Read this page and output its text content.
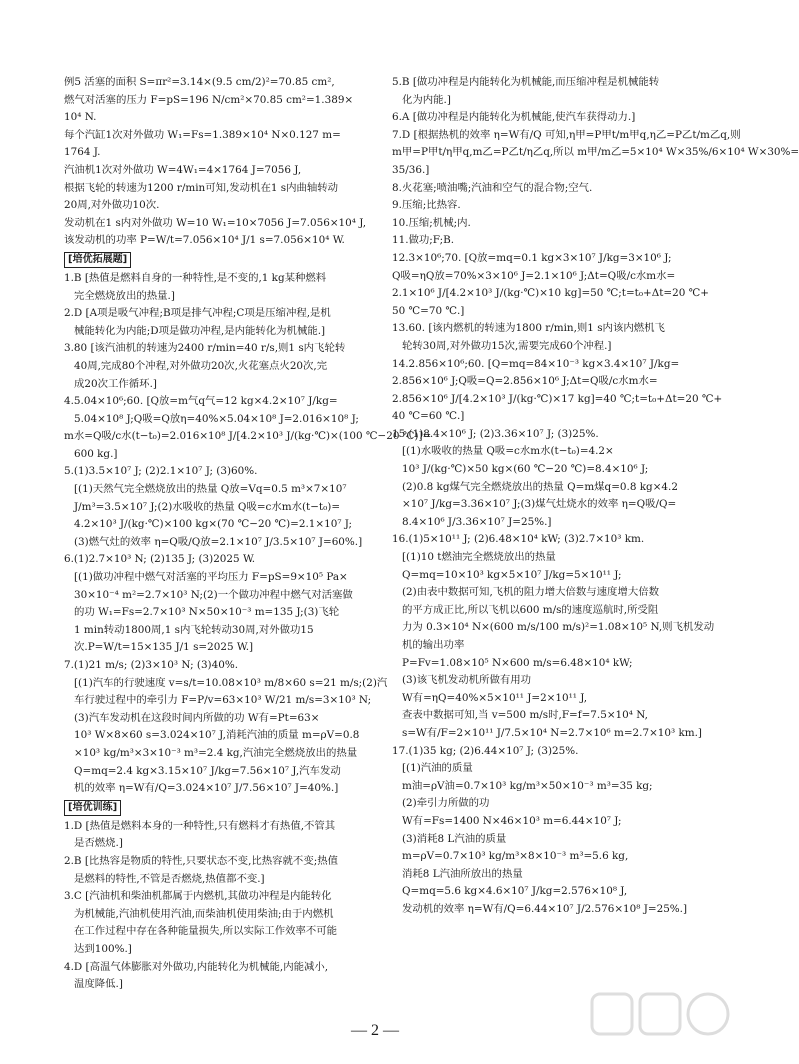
例5 活塞的面积 S=πr²=3.14×(9.5 cm/2)²=70.85 cm²,
燃气对活塞的压力 F=pS=196 N/cm²×70.85 cm²=1.389×
10⁴ N.
每个汽缸1次对外做功 W₁=Fs=1.389×10⁴ N×0.127 m=
1764 J.
汽油机1次对外做功 W=4W₁=4×1764 J=7056 J,
根据飞轮的转速为1200 r/min可知,发动机在1 s内曲轴转动
20周,对外做功10次.
发动机在1 s内对外做功 W=10 W₁=10×7056 J=7.056×10⁴ J,
该发动机的功率 P=W/t=7.056×10⁴ J/1 s=7.056×10⁴ W.
[培优拓展题]
1.B [热值是燃料自身的一种特性,是不变的,1 kg某种燃料
完全燃烧放出的热量.]
2.D [A项是吸气冲程;B项是排气冲程;C项是压缩冲程,是机
械能转化为内能;D项是做功冲程,是内能转化为机械能.]
3.80 [该汽油机的转速为2400 r/min=40 r/s,则1 s内飞轮转
40周,完成80个冲程,对外做功20次,火花塞点火20次,完
成20次工作循环.]
4.5.04×10⁶;60. [Q放=m气q气=12 kg×4.2×10⁷ J/kg=
5.04×10⁸ J;Q吸=Q放η=40%×5.04×10⁸ J=2.016×10⁸ J;
m水=Q吸/c水(t−t₀)=2.016×10⁸ J/[4.2×10³ J/(kg·℃)×(100 ℃−20 ℃)]=
600 kg.]
5.(1)3.5×10⁷ J; (2)2.1×10⁷ J; (3)60%.
[(1)天然气完全燃烧放出的热量 Q放=Vq=0.5 m³×7×10⁷
J/m³=3.5×10⁷ J;(2)水吸收的热量 Q吸=c水m水(t−t₀)=
4.2×10³ J/(kg·℃)×100 kg×(70 ℃−20 ℃)=2.1×10⁷ J;
(3)燃气灶的效率 η=Q吸/Q放=2.1×10⁷ J/3.5×10⁷ J=60%.]
6.(1)2.7×10³ N; (2)135 J; (3)2025 W.
[(1)做功冲程中燃气对活塞的平均压力 F=pS=9×10⁵ Pa×
30×10⁻⁴ m²=2.7×10³ N;(2)一个做功冲程中燃气对活塞做
的功 W₁=Fs=2.7×10³ N×50×10⁻³ m=135 J;(3)飞轮
1 min转动1800周,1 s内飞轮转动30周,对外做功15
次.P=W/t=15×135 J/1 s=2025 W.]
7.(1)21 m/s; (2)3×10³ N; (3)40%.
[(1)汽车的行驶速度 v=s/t=10.08×10³ m/8×60 s=21 m/s;(2)汽
车行驶过程中的牵引力 F=P/v=63×10³ W/21 m/s=3×10³ N;
(3)汽车发动机在这段时间内所做的功 W有=Pt=63×
10³ W×8×60 s=3.024×10⁷ J,消耗汽油的质量 m=ρV=0.8
×10³ kg/m³×3×10⁻³ m³=2.4 kg,汽油完全燃烧放出的热量
Q=mq=2.4 kg×3.15×10⁷ J/kg=7.56×10⁷ J,汽车发动
机的效率 η=W有/Q=3.024×10⁷ J/7.56×10⁷ J=40%.]
[培优训练]
1.D [热值是燃料本身的一种特性,只有燃料才有热值,不管其
是否燃烧.]
2.B [比热容是物质的特性,只要状态不变,比热容就不变;热值
是燃料的特性,不管是否燃烧,热值都不变.]
3.C [汽油机和柴油机都属于内燃机,其做功冲程是内能转化
为机械能,汽油机使用汽油,而柴油机使用柴油;由于内燃机
在工作过程中存在各种能量损失,所以实际工作效率不可能
达到100%.]
4.D [高温气体膨胀对外做功,内能转化为机械能,内能减小,
温度降低.]
5.B [做功冲程是内能转化为机械能,而压缩冲程是机械能转
化为内能.]
6.A [做功冲程是内能转化为机械能,使汽车获得动力.]
7.D [根据热机的效率 η=W有/Q 可知,η甲=P甲t/m甲q,η乙=P乙t/m乙q,则
m甲=P甲t/η甲q,m乙=P乙t/η乙q,所以 m甲/m乙=5×10⁴ W×35%/6×10⁴ W×30%=
35/36.]
8.火花塞;喷油嘴;汽油和空气的混合物;空气.
9.压缩;比热容.
10.压缩;机械;内.
11.做功;F;B.
12.3×10⁶;70. [Q放=mq=0.1 kg×3×10⁷ J/kg=3×10⁶ J;
Q吸=ηQ放=70%×3×10⁶ J=2.1×10⁶ J;Δt=Q吸/c水m水=
2.1×10⁶ J/[4.2×10³ J/(kg·℃)×10 kg]=50 ℃;t=t₀+Δt=20 ℃+
50 ℃=70 ℃.]
13.60. [该内燃机的转速为1800 r/min,则1 s内该内燃机飞
轮转30周,对外做功15次,需要完成60个冲程.]
14.2.856×10⁶;60. [Q=mq=84×10⁻³ kg×3.4×10⁷ J/kg=
2.856×10⁶ J;Q吸=Q=2.856×10⁶ J;Δt=Q吸/c水m水=
2.856×10⁶ J/[4.2×10³ J/(kg·℃)×17 kg]=40 ℃;t=t₀+Δt=20 ℃+
40 ℃=60 ℃.]
15.(1)8.4×10⁶ J; (2)3.36×10⁷ J; (3)25%.
[(1)水吸收的热量 Q吸=c水m水(t−t₀)=4.2×
10³ J/(kg·℃)×50 kg×(60 ℃−20 ℃)=8.4×10⁶ J;
(2)0.8 kg煤气完全燃烧放出的热量 Q=m煤q=0.8 kg×4.2
×10⁷ J/kg=3.36×10⁷ J;(3)煤气灶烧水的效率 η=Q吸/Q=
8.4×10⁶ J/3.36×10⁷ J=25%.]
16.(1)5×10¹¹ J; (2)6.48×10⁴ kW; (3)2.7×10³ km.
[(1)10 t燃油完全燃烧放出的热量
Q=mq=10×10³ kg×5×10⁷ J/kg=5×10¹¹ J;
(2)由表中数据可知,飞机的阻力增大倍数与速度增大倍数
的平方成正比,所以飞机以600 m/s的速度巡航时,所受阻
力为 0.3×10⁴ N×(600 m/s/100 m/s)²=1.08×10⁵ N,则飞机发动
机的输出功率
P=Fv=1.08×10⁵ N×600 m/s=6.48×10⁴ kW;
(3)该飞机发动机所做有用功
W有=ηQ=40%×5×10¹¹ J=2×10¹¹ J,
查表中数据可知,当 v=500 m/s时,F=f=7.5×10⁴ N,
s=W有/F=2×10¹¹ J/7.5×10⁴ N=2.7×10⁶ m=2.7×10³ km.]
17.(1)35 kg; (2)6.44×10⁷ J; (3)25%.
[(1)汽油的质量
m油=ρV油=0.7×10³ kg/m³×50×10⁻³ m³=35 kg;
(2)牵引力所做的功
W有=Fs=1400 N×46×10³ m=6.44×10⁷ J;
(3)消耗8 L汽油的质量
m=ρV=0.7×10³ kg/m³×8×10⁻³ m³=5.6 kg,
消耗8 L汽油所放出的热量
Q=mq=5.6 kg×4.6×10⁷ J/kg=2.576×10⁸ J,
发动机的效率 η=W有/Q=6.44×10⁷ J/2.576×10⁸ J=25%.]
— 2 —
